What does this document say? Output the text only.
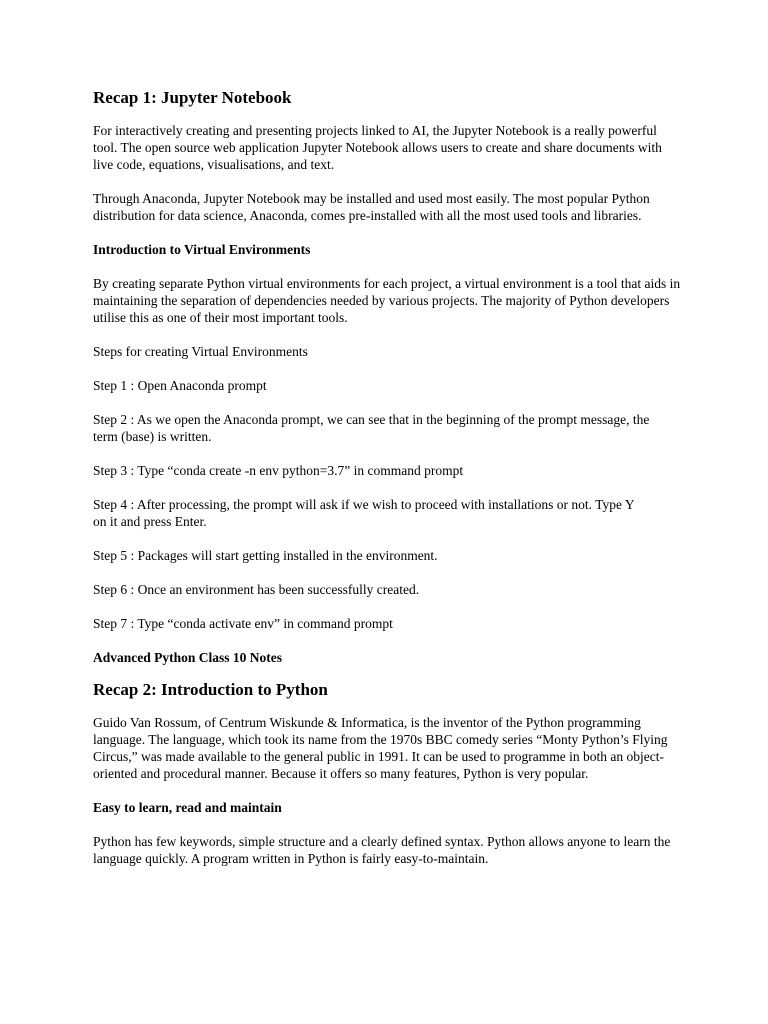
Recap 1: Jupyter Notebook

For interactively creating and presenting projects linked to AI, the Jupyter Notebook is a really powerful tool. The open source web application Jupyter Notebook allows users to create and share documents with live code, equations, visualisations, and text.

Through Anaconda, Jupyter Notebook may be installed and used most easily. The most popular Python distribution for data science, Anaconda, comes pre-installed with all the most used tools and libraries.

Introduction to Virtual Environments

By creating separate Python virtual environments for each project, a virtual environment is a tool that aids in maintaining the separation of dependencies needed by various projects. The majority of Python developers utilise this as one of their most important tools.

Steps for creating Virtual Environments

Step 1 : Open Anaconda prompt

Step 2 : As we open the Anaconda prompt, we can see that in the beginning of the prompt message, the
term (base) is written.

Step 3 : Type “conda create -n env python=3.7” in command prompt

Step 4 : After processing, the prompt will ask if we wish to proceed with installations or not. Type Y
on it and press Enter.

Step 5 : Packages will start getting installed in the environment.

Step 6 : Once an environment has been successfully created.

Step 7 : Type “conda activate env” in command prompt

Advanced Python Class 10 Notes
Recap 2: Introduction to Python

Guido Van Rossum, of Centrum Wiskunde & Informatica, is the inventor of the Python programming language. The language, which took its name from the 1970s BBC comedy series “Monty Python’s Flying Circus,” was made available to the general public in 1991. It can be used to programme in both an object-oriented and procedural manner. Because it offers so many features, Python is very popular.

Easy to learn, read and maintain

Python has few keywords, simple structure and a clearly defined syntax. Python allows anyone to learn the language quickly. A program written in Python is fairly easy-to-maintain.
